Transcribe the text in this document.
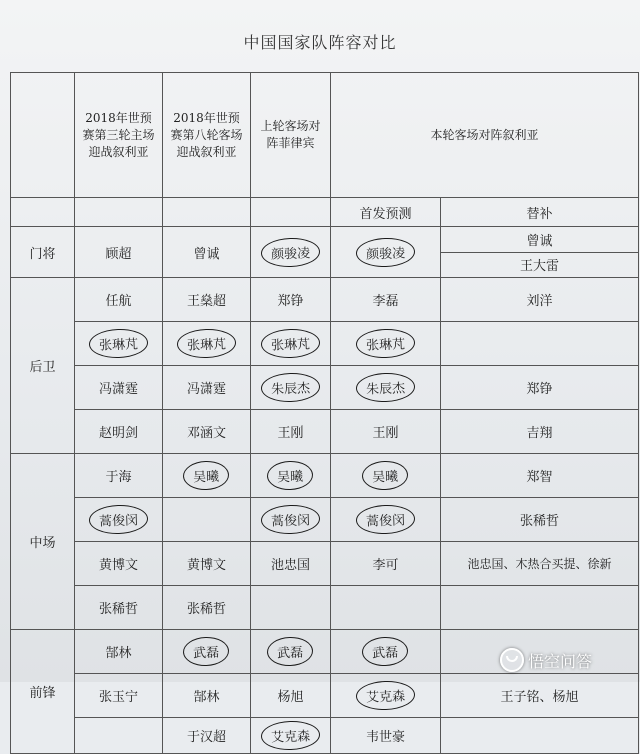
中国国家队阵容对比
	2018年世预赛第三轮主场迎战叙利亚	2018年世预赛第八轮客场迎战叙利亚	上轮客场对阵菲律宾	本轮客场对阵叙利亚	
				首发预测	替补
门将	顾超	曾诚	颜骏凌	颜骏凌	曾诚
王大雷

后卫	任航	王燊超	郑铮	李磊	刘洋
	张琳芃	张琳芃	张琳芃	张琳芃	
	冯潇霆	冯潇霆	朱辰杰	朱辰杰	郑铮
	赵明剑	邓涵文	王刚	王刚	吉翔
中场	于海	吴曦	吴曦	吴曦	郑智
	蒿俊闵		蒿俊闵	蒿俊闵	张稀哲
	黄博文	黄博文	池忠国	李可	池忠国、木热合买提、徐新
	张稀哲	张稀哲			
前锋	郜林	武磊	武磊	武磊	
	张玉宁	郜林	杨旭	艾克森	王子铭、杨旭
		于汉超	艾克森	韦世豪	
悟空问答
